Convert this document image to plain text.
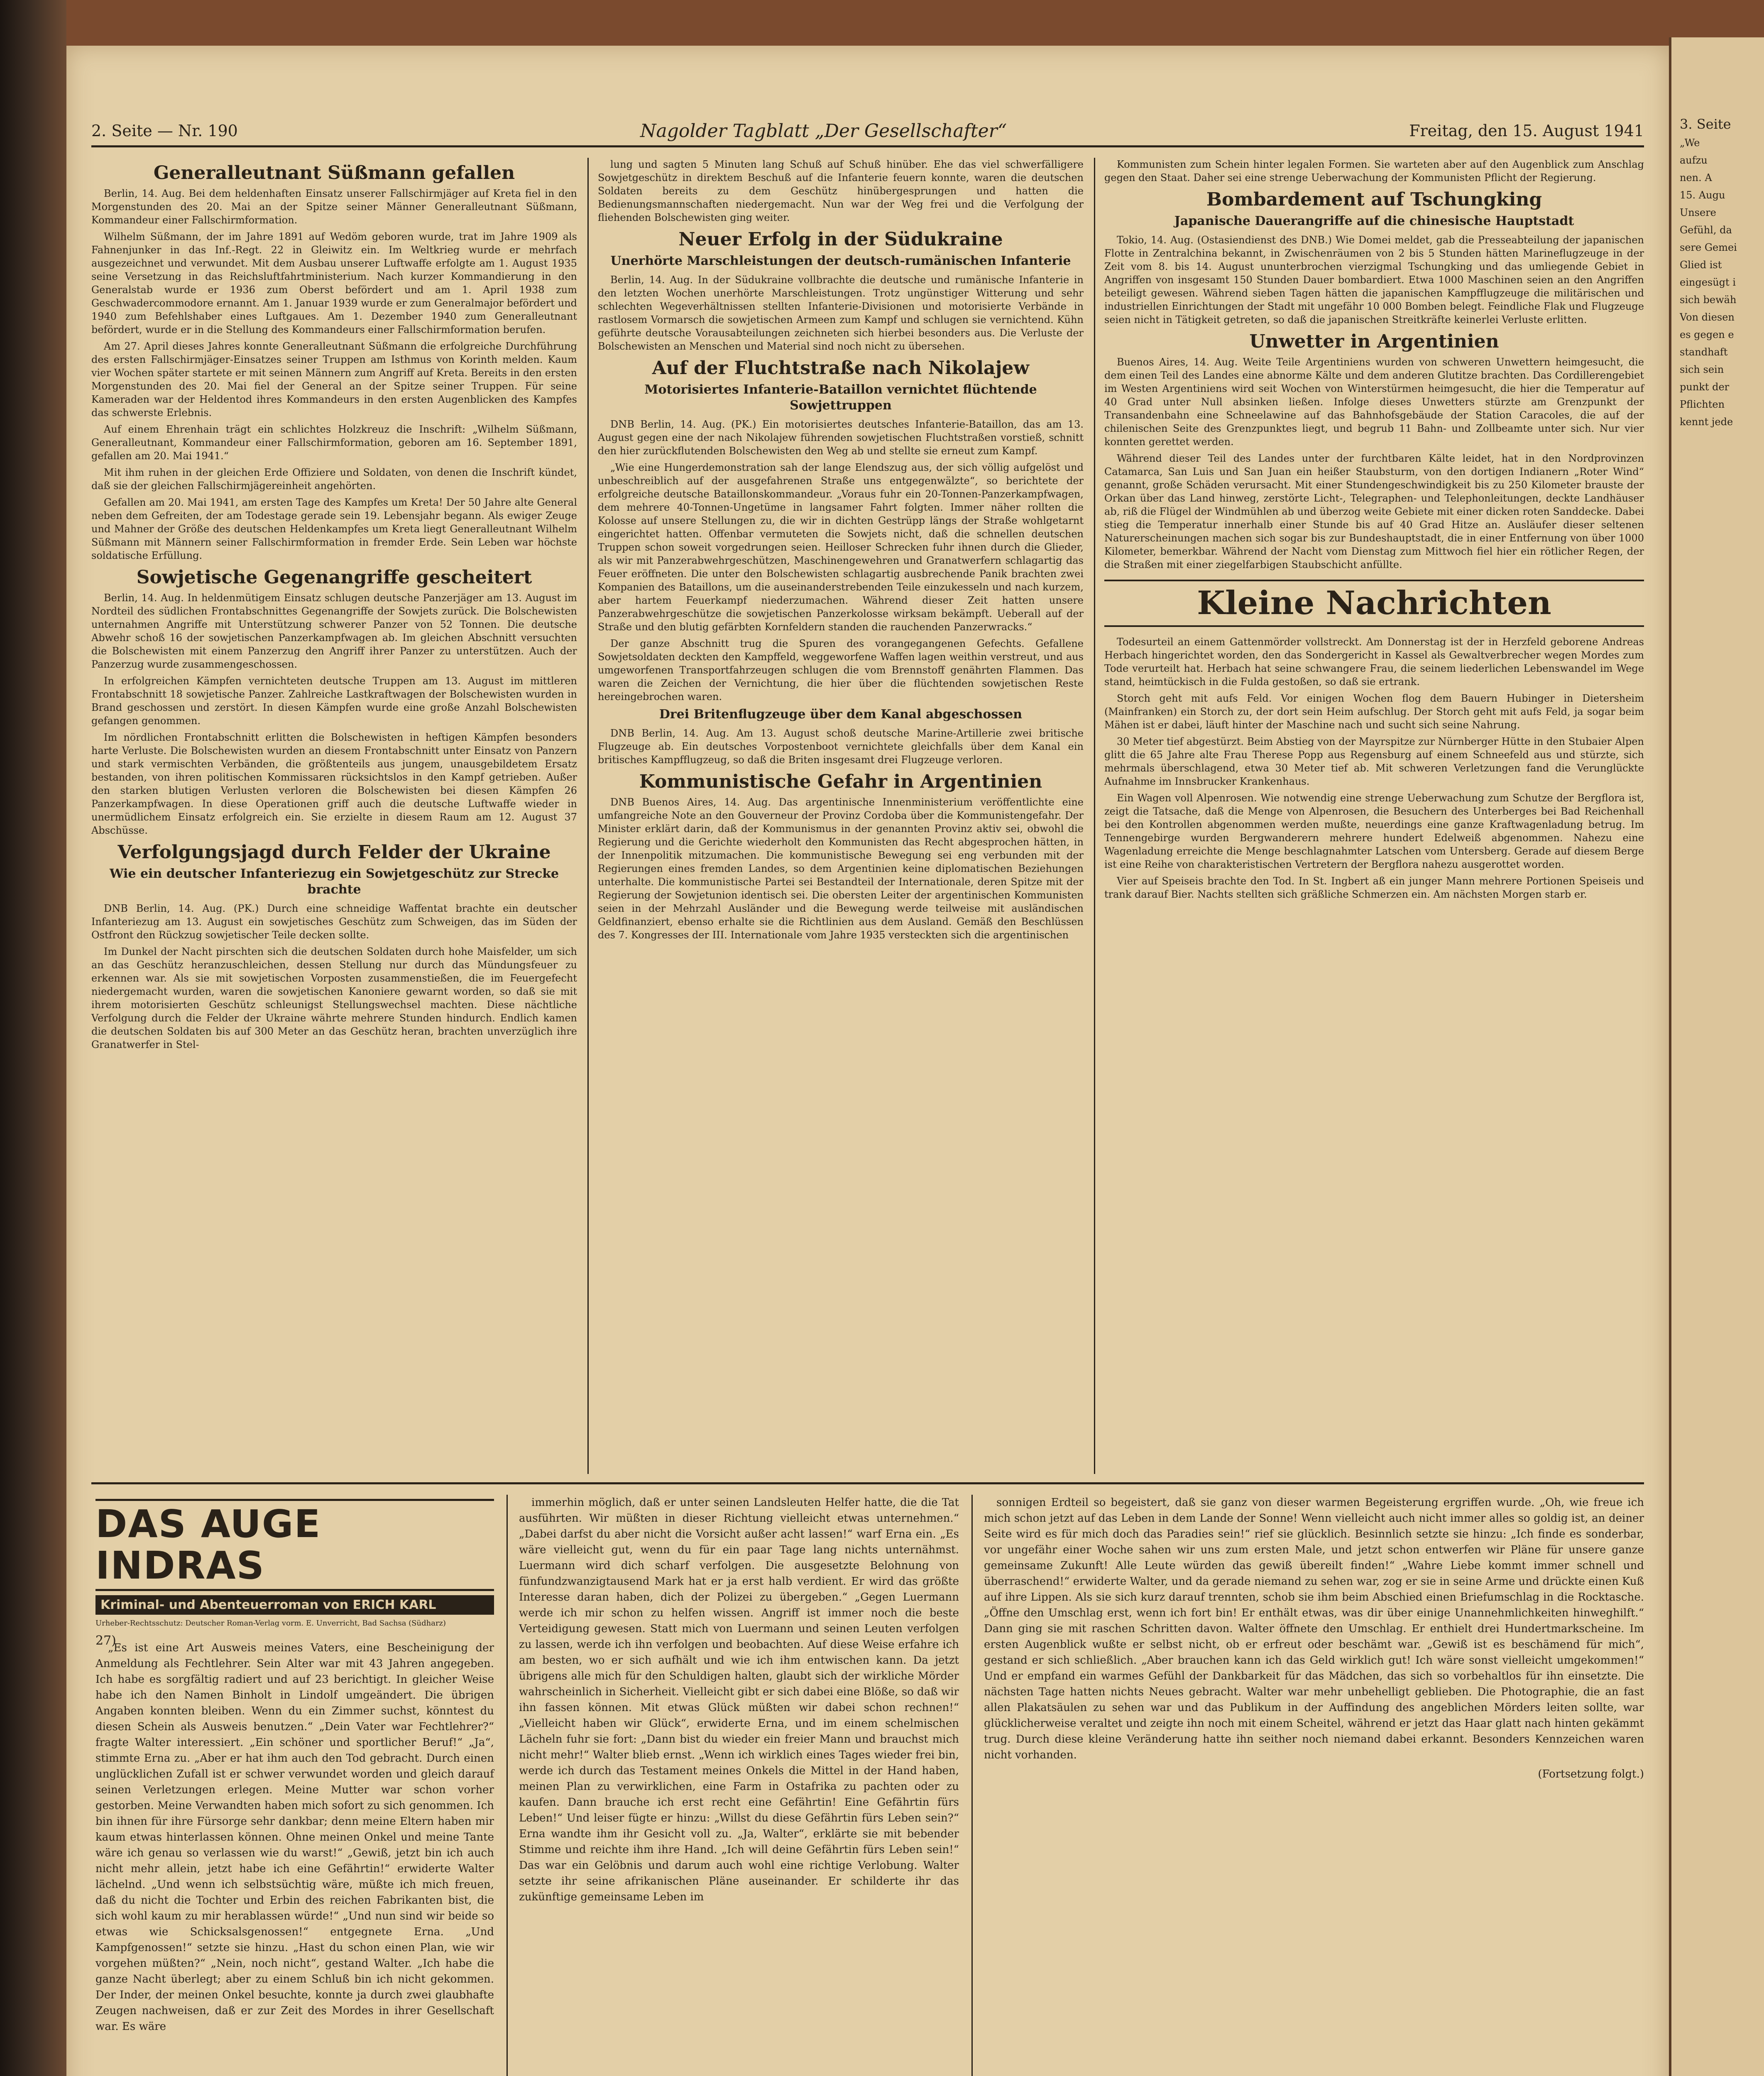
2. Seite — Nr. 190	Nagolder Tagblatt „Der Gesellschafter“	Freitag, den 15. August 1941
Generalleutnant Süßmann gefallen

Berlin, 14. Aug. Bei dem heldenhaften Einsatz unserer Fallschirmjäger auf Kreta fiel in den Morgenstunden des 20. Mai an der Spitze seiner Männer Generalleutnant Süßmann, Kommandeur einer Fallschirmformation.

Wilhelm Süßmann, der im Jahre 1891 auf Wedöm geboren wurde, trat im Jahre 1909 als Fahnenjunker in das Inf.-Regt. 22 in Gleiwitz ein. Im Weltkrieg wurde er mehrfach ausgezeichnet und verwundet. Mit dem Ausbau unserer Luftwaffe erfolgte am 1. August 1935 seine Versetzung in das Reichsluftfahrtministerium. Nach kurzer Kommandierung in den Generalstab wurde er 1936 zum Oberst befördert und am 1. April 1938 zum Geschwadercommodore ernannt. Am 1. Januar 1939 wurde er zum Generalmajor befördert und 1940 zum Befehlshaber eines Luftgaues. Am 1. Dezember 1940 zum Generalleutnant befördert, wurde er in die Stellung des Kommandeurs einer Fallschirmformation berufen.

Am 27. April dieses Jahres konnte Generalleutnant Süßmann die erfolgreiche Durchführung des ersten Fallschirmjäger-Einsatzes seiner Truppen am Isthmus von Korinth melden. Kaum vier Wochen später startete er mit seinen Männern zum Angriff auf Kreta. Bereits in den ersten Morgenstunden des 20. Mai fiel der General an der Spitze seiner Truppen. Für seine Kameraden war der Heldentod ihres Kommandeurs in den ersten Augenblicken des Kampfes das schwerste Erlebnis.

Auf einem Ehrenhain trägt ein schlichtes Holzkreuz die Inschrift: „Wilhelm Süßmann, Generalleutnant, Kommandeur einer Fallschirmformation, geboren am 16. September 1891, gefallen am 20. Mai 1941.“

Mit ihm ruhen in der gleichen Erde Offiziere und Soldaten, von denen die Inschrift kündet, daß sie der gleichen Fallschirmjägereinheit angehörten.

Gefallen am 20. Mai 1941, am ersten Tage des Kampfes um Kreta! Der 50 Jahre alte General neben dem Gefreiten, der am Todestage gerade sein 19. Lebensjahr begann. Als ewiger Zeuge und Mahner der Größe des deutschen Heldenkampfes um Kreta liegt Generalleutnant Wilhelm Süßmann mit Männern seiner Fallschirmformation in fremder Erde. Sein Leben war höchste soldatische Erfüllung.

Sowjetische Gegenangriffe gescheitert

Berlin, 14. Aug. In heldenmütigem Einsatz schlugen deutsche Panzerjäger am 13. August im Nordteil des südlichen Frontabschnittes Gegenangriffe der Sowjets zurück. Die Bolschewisten unternahmen Angriffe mit Unterstützung schwerer Panzer von 52 Tonnen. Die deutsche Abwehr schoß 16 der sowjetischen Panzerkampfwagen ab. Im gleichen Abschnitt versuchten die Bolschewisten mit einem Panzerzug den Angriff ihrer Panzer zu unterstützen. Auch der Panzerzug wurde zusammengeschossen.

In erfolgreichen Kämpfen vernichteten deutsche Truppen am 13. August im mittleren Frontabschnitt 18 sowjetische Panzer. Zahlreiche Lastkraftwagen der Bolschewisten wurden in Brand geschossen und zerstört. In diesen Kämpfen wurde eine große Anzahl Bolschewisten gefangen genommen.

Im nördlichen Frontabschnitt erlitten die Bolschewisten in heftigen Kämpfen besonders harte Verluste. Die Bolschewisten wurden an diesem Frontabschnitt unter Einsatz von Panzern und stark vermischten Verbänden, die größtenteils aus jungem, unausgebildetem Ersatz bestanden, von ihren politischen Kommissaren rücksichtslos in den Kampf getrieben. Außer den starken blutigen Verlusten verloren die Bolschewisten bei diesen Kämpfen 26 Panzerkampfwagen. In diese Operationen griff auch die deutsche Luftwaffe wieder in unermüdlichem Einsatz erfolgreich ein. Sie erzielte in diesem Raum am 12. August 37 Abschüsse.

Verfolgungsjagd durch Felder der Ukraine
Wie ein deutscher Infanteriezug ein Sowjetgeschütz zur Strecke brachte

DNB Berlin, 14. Aug. (PK.) Durch eine schneidige Waffentat brachte ein deutscher Infanteriezug am 13. August ein sowjetisches Geschütz zum Schweigen, das im Süden der Ostfront den Rückzug sowjetischer Teile decken sollte.

Im Dunkel der Nacht pirschten sich die deutschen Soldaten durch hohe Maisfelder, um sich an das Geschütz heranzuschleichen, dessen Stellung nur durch das Mündungsfeuer zu erkennen war. Als sie mit sowjetischen Vorposten zusammenstießen, die im Feuergefecht niedergemacht wurden, waren die sowjetischen Kanoniere gewarnt worden, so daß sie mit ihrem motorisierten Geschütz schleunigst Stellungswechsel machten. Diese nächtliche Verfolgung durch die Felder der Ukraine währte mehrere Stunden hindurch. Endlich kamen die deutschen Soldaten bis auf 300 Meter an das Geschütz heran, brachten unverzüglich ihre Granatwerfer in Stel-

lung und sagten 5 Minuten lang Schuß auf Schuß hinüber. Ehe das viel schwerfälligere Sowjetgeschütz in direktem Beschuß auf die Infanterie feuern konnte, waren die deutschen Soldaten bereits zu dem Geschütz hinübergesprungen und hatten die Bedienungsmannschaften niedergemacht. Nun war der Weg frei und die Verfolgung der fliehenden Bolschewisten ging weiter.

Neuer Erfolg in der Südukraine
Unerhörte Marschleistungen der deutsch-rumänischen Infanterie

Berlin, 14. Aug. In der Südukraine vollbrachte die deutsche und rumänische Infanterie in den letzten Wochen unerhörte Marschleistungen. Trotz ungünstiger Witterung und sehr schlechten Wegeverhältnissen stellten Infanterie-Divisionen und motorisierte Verbände in rastlosem Vormarsch die sowjetischen Armeen zum Kampf und schlugen sie vernichtend. Kühn geführte deutsche Vorausabteilungen zeichneten sich hierbei besonders aus. Die Verluste der Bolschewisten an Menschen und Material sind noch nicht zu übersehen.

Auf der Fluchtstraße nach Nikolajew
Motorisiertes Infanterie-Bataillon vernichtet flüchtende Sowjettruppen

DNB Berlin, 14. Aug. (PK.) Ein motorisiertes deutsches Infanterie-Bataillon, das am 13. August gegen eine der nach Nikolajew führenden sowjetischen Fluchtstraßen vorstieß, schnitt den hier zurückflutenden Bolschewisten den Weg ab und stellte sie erneut zum Kampf.

„Wie eine Hungerdemonstration sah der lange Elendszug aus, der sich völlig aufgelöst und unbeschreiblich auf der ausgefahrenen Straße uns entgegenwälzte“, so berichtete der erfolgreiche deutsche Bataillonskommandeur. „Voraus fuhr ein 20-Tonnen-Panzerkampfwagen, dem mehrere 40-Tonnen-Ungetüme in langsamer Fahrt folgten. Immer näher rollten die Kolosse auf unsere Stellungen zu, die wir in dichten Gestrüpp längs der Straße wohlgetarnt eingerichtet hatten. Offenbar vermuteten die Sowjets nicht, daß die schnellen deutschen Truppen schon soweit vorgedrungen seien. Heilloser Schrecken fuhr ihnen durch die Glieder, als wir mit Panzerabwehrgeschützen, Maschinengewehren und Granatwerfern schlagartig das Feuer eröffneten. Die unter den Bolschewisten schlagartig ausbrechende Panik brachten zwei Kompanien des Bataillons, um die auseinanderstrebenden Teile einzukesseln und nach kurzem, aber hartem Feuerkampf niederzumachen. Während dieser Zeit hatten unsere Panzerabwehrgeschütze die sowjetischen Panzerkolosse wirksam bekämpft. Ueberall auf der Straße und den blutig gefärbten Kornfeldern standen die rauchenden Panzerwracks.“

Der ganze Abschnitt trug die Spuren des vorangegangenen Gefechts. Gefallene Sowjetsoldaten deckten den Kampffeld, weggeworfene Waffen lagen weithin verstreut, und aus umgeworfenen Transportfahrzeugen schlugen die vom Brennstoff genährten Flammen. Das waren die Zeichen der Vernichtung, die hier über die flüchtenden sowjetischen Reste hereingebrochen waren.

Drei Britenflugzeuge über dem Kanal abgeschossen

DNB Berlin, 14. Aug. Am 13. August schoß deutsche Marine-Artillerie zwei britische Flugzeuge ab. Ein deutsches Vorpostenboot vernichtete gleichfalls über dem Kanal ein britisches Kampfflugzeug, so daß die Briten insgesamt drei Flugzeuge verloren.

Kommunistische Gefahr in Argentinien

DNB Buenos Aires, 14. Aug. Das argentinische Innenministerium veröffentlichte eine umfangreiche Note an den Gouverneur der Provinz Cordoba über die Kommunistengefahr. Der Minister erklärt darin, daß der Kommunismus in der genannten Provinz aktiv sei, obwohl die Regierung und die Gerichte wiederholt den Kommunisten das Recht abgesprochen hätten, in der Innenpolitik mitzumachen. Die kommunistische Bewegung sei eng verbunden mit der Regierungen eines fremden Landes, so dem Argentinien keine diplomatischen Beziehungen unterhalte. Die kommunistische Partei sei Bestandteil der Internationale, deren Spitze mit der Regierung der Sowjetunion identisch sei. Die obersten Leiter der argentinischen Kommunisten seien in der Mehrzahl Ausländer und die Bewegung werde teilweise mit ausländischen Geldfinanziert, ebenso erhalte sie die Richtlinien aus dem Ausland. Gemäß den Beschlüssen des 7. Kongresses der III. Internationale vom Jahre 1935 versteckten sich die argentinischen

Kommunisten zum Schein hinter legalen Formen. Sie warteten aber auf den Augenblick zum Anschlag gegen den Staat. Daher sei eine strenge Ueberwachung der Kommunisten Pflicht der Regierung.

Bombardement auf Tschungking
Japanische Dauerangriffe auf die chinesische Hauptstadt

Tokio, 14. Aug. (Ostasiendienst des DNB.) Wie Domei meldet, gab die Pressеabteilung der japanischen Flotte in Zentralchina bekannt, in Zwischenräumen von 2 bis 5 Stunden hätten Marineflugzeuge in der Zeit vom 8. bis 14. August ununterbrochen vierzigmal Tschungking und das umliegende Gebiet in Angriffen von insgesamt 150 Stunden Dauer bombardiert. Etwa 1000 Maschinen seien an den Angriffen beteiligt gewesen. Während sieben Tagen hätten die japanischen Kampfflugzeuge die militärischen und industriellen Einrichtungen der Stadt mit ungefähr 10 000 Bomben belegt. Feindliche Flak und Flugzeuge seien nicht in Tätigkeit getreten, so daß die japanischen Streitkräfte keinerlei Verluste erlitten.

Unwetter in Argentinien

Buenos Aires, 14. Aug. Weite Teile Argentiniens wurden von schweren Unwettern heimgesucht, die dem einen Teil des Landes eine abnorme Kälte und dem anderen Glutitze brachten. Das Cordillerengebiet im Westen Argentiniens wird seit Wochen von Winterstürmen heimgesucht, die hier die Temperatur auf 40 Grad unter Null absinken ließen. Infolge dieses Unwetters stürzte am Grenzpunkt der Transandenbahn eine Schneelawine auf das Bahnhofsgebäude der Station Caracoles, die auf der chilenischen Seite des Grenzpunktes liegt, und begrub 11 Bahn- und Zollbeamte unter sich. Nur vier konnten gerettet werden.

Während dieser Teil des Landes unter der furchtbaren Kälte leidet, hat in den Nordprovinzen Catamarca, San Luis und San Juan ein heißer Staubsturm, von den dortigen Indianern „Roter Wind“ genannt, große Schäden verursacht. Mit einer Stundengeschwindigkeit bis zu 250 Kilometer brauste der Orkan über das Land hinweg, zerstörte Licht-, Telegraphen- und Telephonleitungen, deckte Landhäuser ab, riß die Flügel der Windmühlen ab und überzog weite Gebiete mit einer dicken roten Sanddecke. Dabei stieg die Temperatur innerhalb einer Stunde bis auf 40 Grad Hitze an. Ausläufer dieser seltenen Naturerscheinungen machen sich sogar bis zur Bundeshauptstadt, die in einer Entfernung von über 1000 Kilometer, bemerkbar. Während der Nacht vom Dienstag zum Mittwoch fiel hier ein rötlicher Regen, der die Straßen mit einer ziegelfarbigen Staubschicht anfüllte.

Kleine Nachrichten

Todesurteil an einem Gattenmörder vollstreckt. Am Donnerstag ist der in Herzfeld geborene Andreas Herbach hingerichtet worden, den das Sondergericht in Kassel als Gewaltverbrecher wegen Mordes zum Tode verurteilt hat. Herbach hat seine schwangere Frau, die seinem liederlichen Lebenswandel im Wege stand, heimtückisch in die Fulda gestoßen, so daß sie ertrank.

Storch geht mit aufs Feld. Vor einigen Wochen flog dem Bauern Hubinger in Dietersheim (Mainfranken) ein Storch zu, der dort sein Heim aufschlug. Der Storch geht mit aufs Feld, ja sogar beim Mähen ist er dabei, läuft hinter der Maschine nach und sucht sich seine Nahrung.

30 Meter tief abgestürzt. Beim Abstieg von der Mayrspitze zur Nürnberger Hütte in den Stubaier Alpen glitt die 65 Jahre alte Frau Therese Popp aus Regensburg auf einem Schneefeld aus und stürzte, sich mehrmals überschlagend, etwa 30 Meter tief ab. Mit schweren Verletzungen fand die Verunglückte Aufnahme im Innsbrucker Krankenhaus.

Ein Wagen voll Alpenrosen. Wie notwendig eine strenge Ueberwachung zum Schutze der Bergflora ist, zeigt die Tatsache, daß die Menge von Alpenrosen, die Besuchern des Unterberges bei Bad Reichenhall bei den Kontrollen abgenommen werden mußte, neuerdings eine ganze Kraftwagenladung betrug. Im Tennengebirge wurden Bergwanderern mehrere hundert Edelweiß abgenommen. Nahezu eine Wagenladung erreichte die Menge beschlagnahmter Latschen vom Untersberg. Gerade auf diesem Berge ist eine Reihe von charakteristischen Vertretern der Bergflora nahezu ausgerottet worden.

Vier auf Speiseis brachte den Tod. In St. Ingbert aß ein junger Mann mehrere Portionen Speiseis und trank darauf Bier. Nachts stellten sich gräßliche Schmerzen ein. Am nächsten Morgen starb er.

DAS AUGE INDRAS
Kriminal- und Abenteuerroman von ERICH KARL
Urheber-Rechtsschutz: Deutscher Roman-Verlag vorm. E. Unverricht, Bad Sachsa (Südharz)
27)

„Es ist eine Art Ausweis meines Vaters, eine Bescheinigung der Anmeldung als Fechtlehrer. Sein Alter war mit 43 Jahren angegeben. Ich habe es sorgfältig radiert und auf 23 berichtigt. In gleicher Weise habe ich den Namen Binholt in Lindolf umgeändert. Die übrigen Angaben konnten bleiben. Wenn du ein Zimmer suchst, könntest du diesen Schein als Ausweis benutzen.“ „Dein Vater war Fechtlehrer?“ fragte Walter interessiert. „Ein schöner und sportlicher Beruf!“ „Ja“, stimmte Erna zu. „Aber er hat ihm auch den Tod gebracht. Durch einen unglücklichen Zufall ist er schwer verwundet worden und gleich darauf seinen Verletzungen erlegen. Meine Mutter war schon vorher gestorben. Meine Verwandten haben mich sofort zu sich genommen. Ich bin ihnen für ihre Fürsorge sehr dankbar; denn meine Eltern haben mir kaum etwas hinterlassen können. Ohne meinen Onkel und meine Tante wäre ich genau so verlassen wie du warst!“ „Gewiß, jetzt bin ich auch nicht mehr allein, jetzt habe ich eine Gefährtin!“ erwiderte Walter lächelnd. „Und wenn ich selbstsüchtig wäre, müßte ich mich freuen, daß du nicht die Tochter und Erbin des reichen Fabrikanten bist, die sich wohl kaum zu mir herablassen würde!“ „Und nun sind wir beide so etwas wie Schicksalsgenossen!“ entgegnete Erna. „Und Kampfgenossen!“ setzte sie hinzu. „Hast du schon einen Plan, wie wir vorgehen müßten?“ „Nein, noch nicht“, gestand Walter. „Ich habe die ganze Nacht überlegt; aber zu einem Schluß bin ich nicht gekommen. Der Inder, der meinen Onkel besuchte, konnte ja durch zwei glaubhafte Zeugen nachweisen, daß er zur Zeit des Mordes in ihrer Gesellschaft war. Es wäre

immerhin möglich, daß er unter seinen Landsleuten Helfer hatte, die die Tat ausführten. Wir müßten in dieser Richtung vielleicht etwas unternehmen.“ „Dabei darfst du aber nicht die Vorsicht außer acht lassen!“ warf Erna ein. „Es wäre vielleicht gut, wenn du für ein paar Tage lang nichts unternähmst. Luermann wird dich scharf verfolgen. Die ausgesetzte Belohnung von fünfundzwanzigtausend Mark hat er ja erst halb verdient. Er wird das größte Interesse daran haben, dich der Polizei zu übergeben.“ „Gegen Luermann werde ich mir schon zu helfen wissen. Angriff ist immer noch die beste Verteidigung gewesen. Statt mich von Luermann und seinen Leuten verfolgen zu lassen, werde ich ihn verfolgen und beobachten. Auf diese Weise erfahre ich am besten, wo er sich aufhält und wie ich ihm entwischen kann. Da jetzt übrigens alle mich für den Schuldigen halten, glaubt sich der wirkliche Mörder wahrscheinlich in Sicherheit. Vielleicht gibt er sich dabei eine Blöße, so daß wir ihn fassen können. Mit etwas Glück müßten wir dabei schon rechnen!“ „Vielleicht haben wir Glück“, erwiderte Erna, und im einem schelmischen Lächeln fuhr sie fort: „Dann bist du wieder ein freier Mann und brauchst mich nicht mehr!“ Walter blieb ernst. „Wenn ich wirklich eines Tages wieder frei bin, werde ich durch das Testament meines Onkels die Mittel in der Hand haben, meinen Plan zu verwirklichen, eine Farm in Ostafrika zu pachten oder zu kaufen. Dann brauche ich erst recht eine Gefährtin! Eine Gefährtin fürs Leben!“ Und leiser fügte er hinzu: „Willst du diese Gefährtin fürs Leben sein?“ Erna wandte ihm ihr Gesicht voll zu. „Ja, Walter“, erklärte sie mit bebender Stimme und reichte ihm ihre Hand. „Ich will deine Gefährtin fürs Leben sein!“ Das war ein Gelöbnis und darum auch wohl eine richtige Verlobung. Walter setzte ihr seine afrikanischen Pläne auseinander. Er schilderte ihr das zukünftige gemeinsame Leben im

sonnigen Erdteil so begeistert, daß sie ganz von dieser warmen Begeisterung ergriffen wurde. „Oh, wie freue ich mich schon jetzt auf das Leben in dem Lande der Sonne! Wenn vielleicht auch nicht immer alles so goldig ist, an deiner Seite wird es für mich doch das Paradies sein!“ rief sie glücklich. Besinnlich setzte sie hinzu: „Ich finde es sonderbar, vor ungefähr einer Woche sahen wir uns zum ersten Male, und jetzt schon entwerfen wir Pläne für unsere ganze gemeinsame Zukunft! Alle Leute würden das gewiß übereilt finden!“ „Wahre Liebe kommt immer schnell und überraschend!“ erwiderte Walter, und da gerade niemand zu sehen war, zog er sie in seine Arme und drückte einen Kuß auf ihre Lippen. Als sie sich kurz darauf trennten, schob sie ihm beim Abschied einen Briefumschlag in die Rocktasche. „Öffne den Umschlag erst, wenn ich fort bin! Er enthält etwas, was dir über einige Unannehmlichkeiten hinweghilft.“ Dann ging sie mit raschen Schritten davon. Walter öffnete den Umschlag. Er enthielt drei Hundertmarkscheine. Im ersten Augenblick wußte er selbst nicht, ob er erfreut oder beschämt war. „Gewiß ist es beschämend für mich“, gestand er sich schließlich. „Aber brauchen kann ich das Geld wirklich gut! Ich wäre sonst vielleicht umgekommen!“ Und er empfand ein warmes Gefühl der Dankbarkeit für das Mädchen, das sich so vorbehaltlos für ihn einsetzte. Die nächsten Tage hatten nichts Neues gebracht. Walter war mehr unbehelligt geblieben. Die Photographie, die an fast allen Plakatsäulen zu sehen war und das Publikum in der Auffindung des angeblichen Mörders leiten sollte, war glücklicherweise veraltet und zeigte ihn noch mit einem Scheitel, während er jetzt das Haar glatt nach hinten gekämmt trug. Durch diese kleine Veränderung hatte ihn seither noch niemand dabei erkannt. Besonders Kennzeichen waren nicht vorhanden.

(Fortsetzung folgt.)

3. Seite
„We
aufzu
nen. A
15. Augu
Unsere
Gefühl, da
sere Gemei
Glied ist
eingesügt i
sich bewäh
Von diesen
es gegen e
standhaft
sich sein
punkt der
Pflichten
kennt jede
